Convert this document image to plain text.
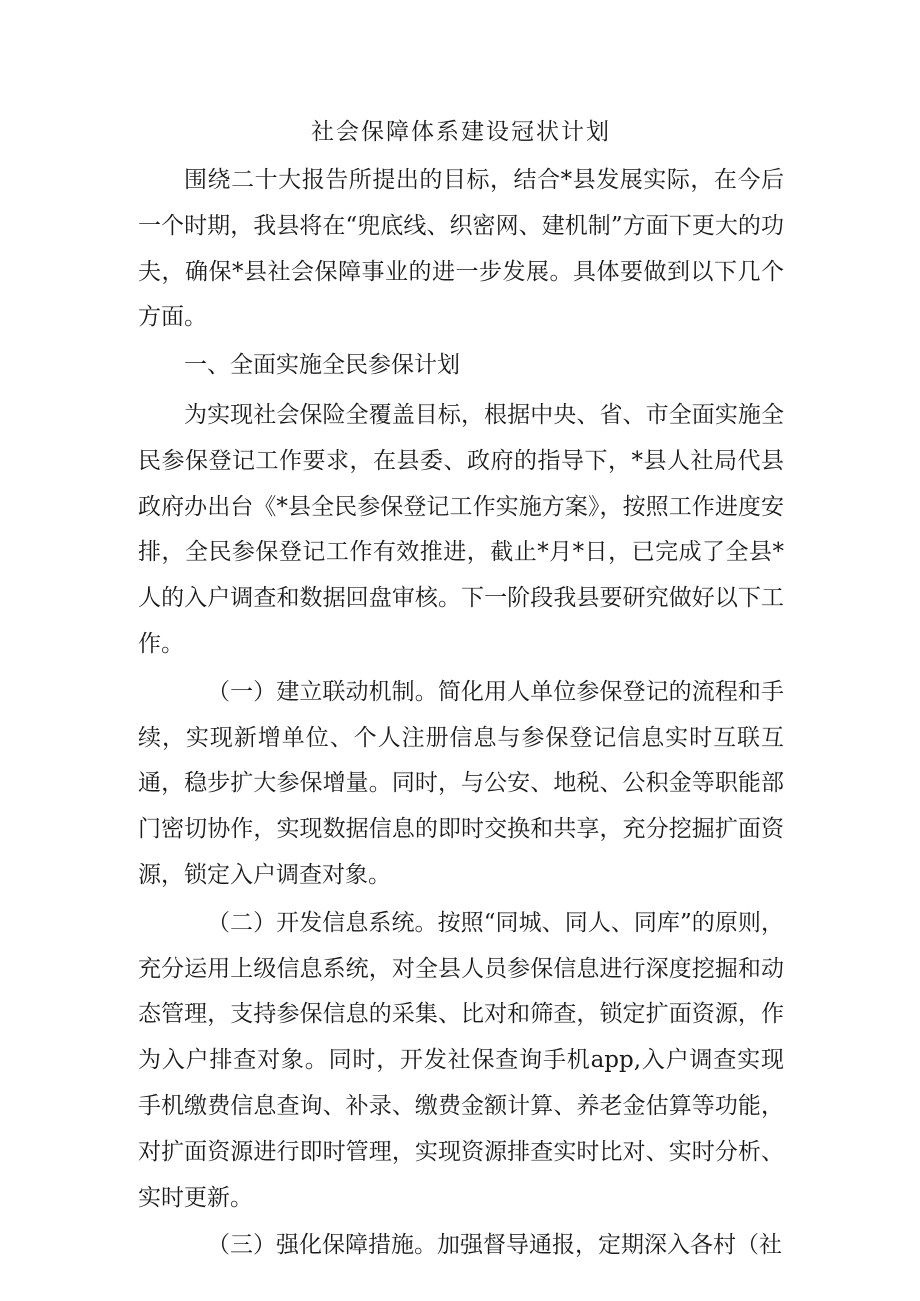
社会保障体系建设冠状计划

围绕二十大报告所提出的目标，结合*县发展实际，在今后一个时期，我县将在“兜底线、织密网、建机制”方面下更大的功夫，确保*县社会保障事业的进一步发展。具体要做到以下几个方面。

一、全面实施全民参保计划

为实现社会保险全覆盖目标，根据中央、省、市全面实施全民参保登记工作要求，在县委、政府的指导下，*县人社局代县政府办出台《*县全民参保登记工作实施方案》，按照工作进度安排，全民参保登记工作有效推进，截止*月*日，已完成了全县*人的入户调查和数据回盘审核。下一阶段我县要研究做好以下工作。

（一）建立联动机制。简化用人单位参保登记的流程和手续，实现新增单位、个人注册信息与参保登记信息实时互联互通，稳步扩大参保增量。同时，与公安、地税、公积金等职能部门密切协作，实现数据信息的即时交换和共享，充分挖掘扩面资源，锁定入户调查对象。

（二）开发信息系统。按照“同城、同人、同库”的原则，充分运用上级信息系统，对全县人员参保信息进行深度挖掘和动态管理，支持参保信息的采集、比对和筛查，锁定扩面资源，作为入户排查对象。同时，开发社保查询手机app,入户调查实现手机缴费信息查询、补录、缴费金额计算、养老金估算等功能，对扩面资源进行即时管理，实现资源排查实时比对、实时分析、实时更新。

（三）强化保障措施。加强督导通报，定期深入各村（社
